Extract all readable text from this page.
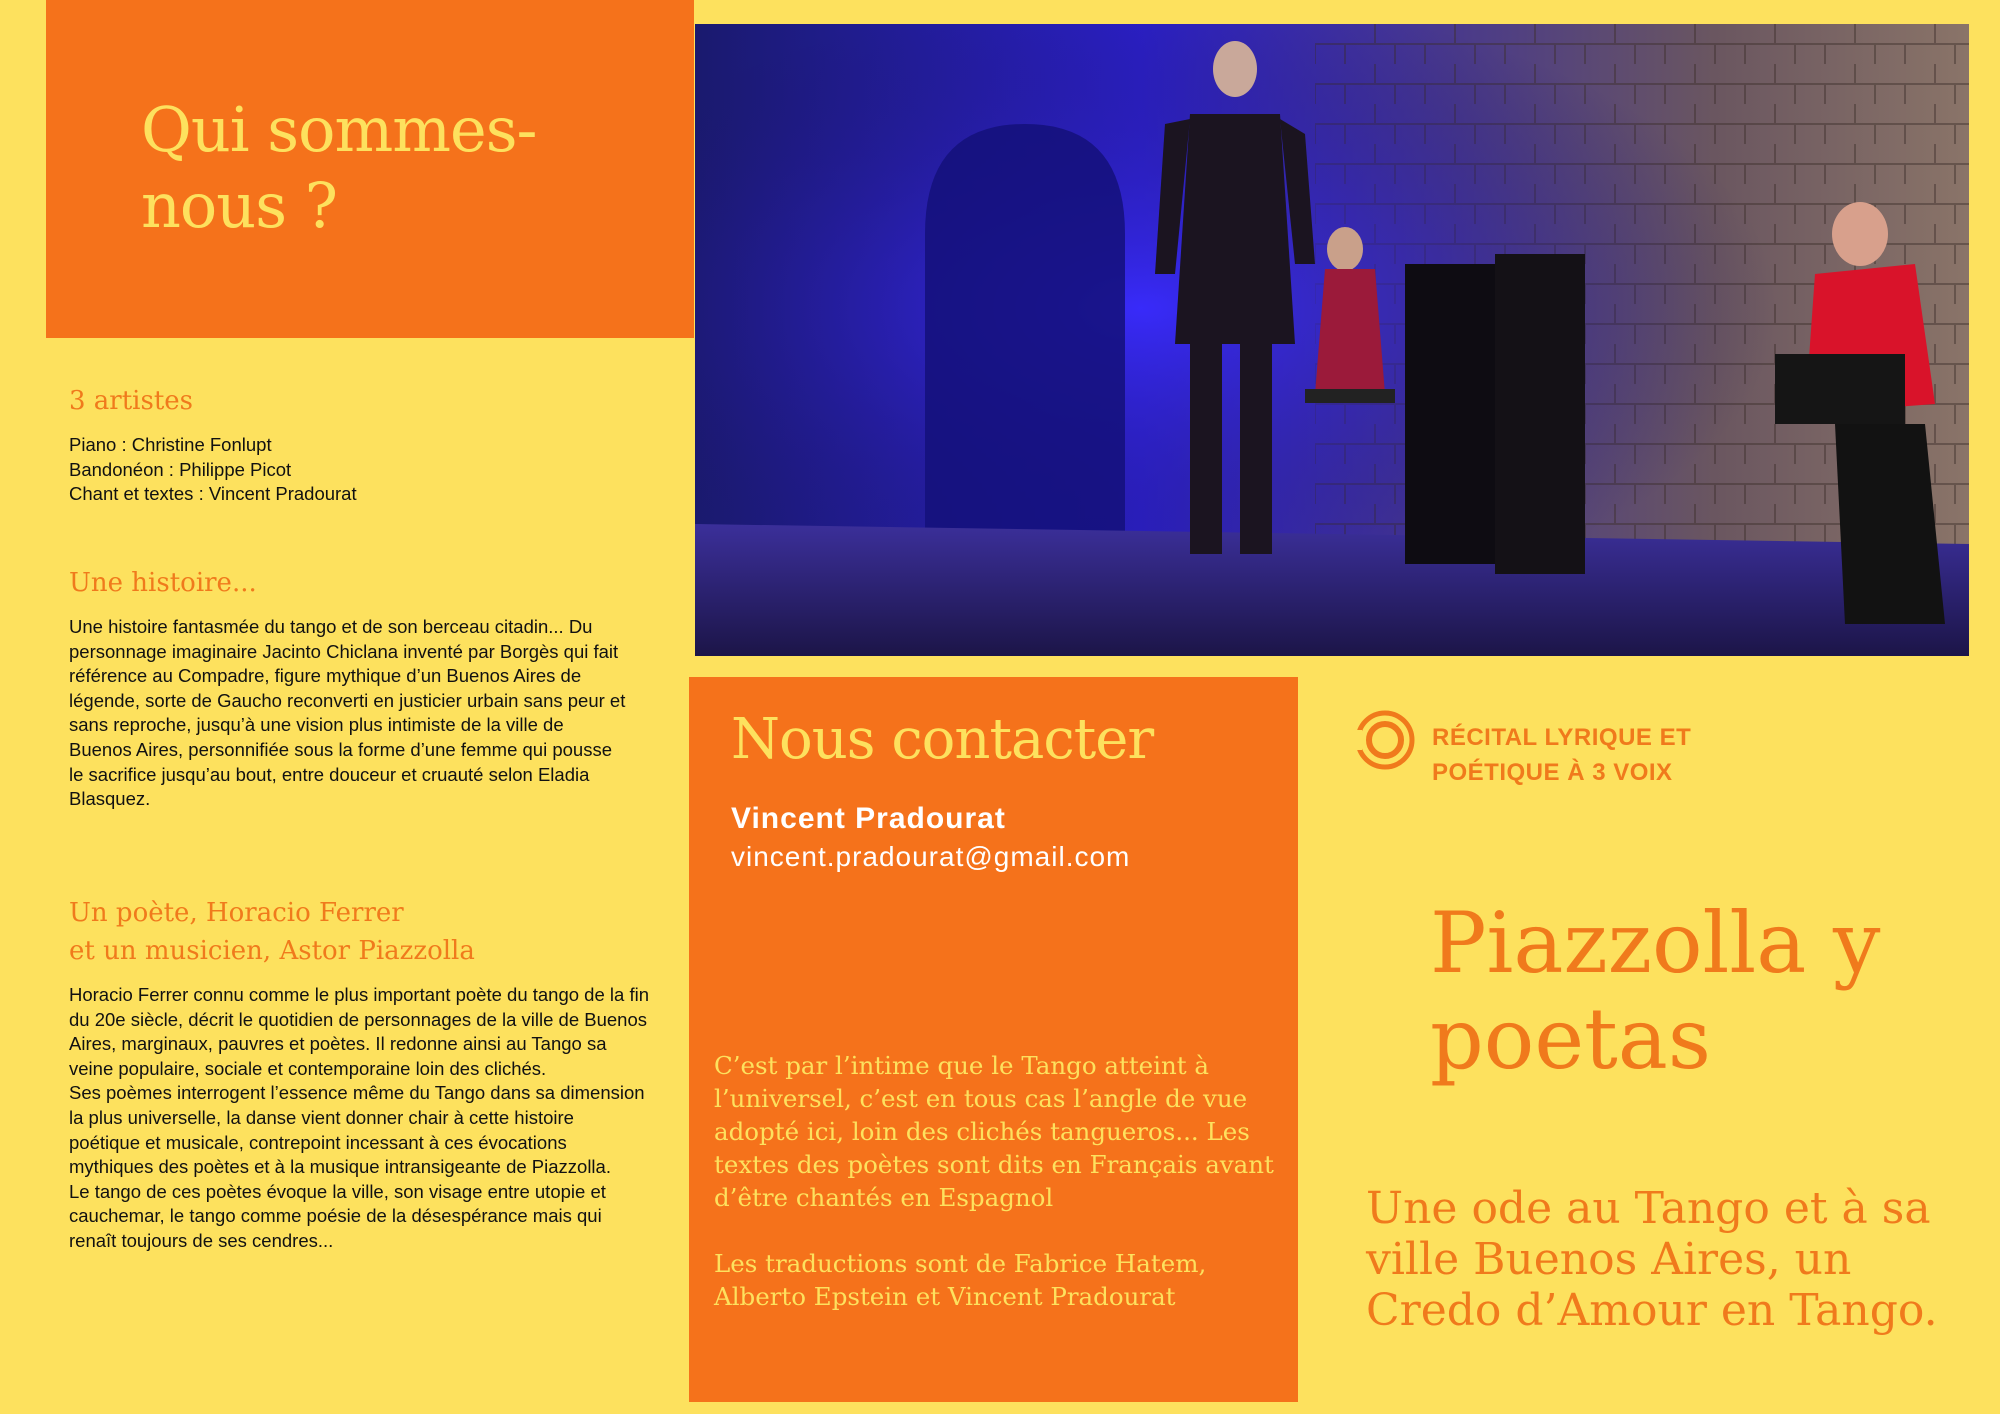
Qui sommes-nous ?
3 artistes

Piano : Christine Fonlupt

Bandonéon : Philippe Picot

Chant et textes : Vincent Pradourat

Une histoire...
Une histoire fantasmée du tango et de son berceau citadin... Du personnage imaginaire Jacinto Chiclana inventé par Borgès qui fait référence au Compadre, figure mythique d’un Buenos Aires de légende, sorte de Gaucho reconverti en justicier urbain sans peur et sans reproche, jusqu’à une vision plus intimiste de la ville de Buenos Aires, personnifiée sous la forme d’une femme qui pousse le sacrifice jusqu’au bout, entre douceur et cruauté selon Eladia Blasquez.
Un poète, Horacio Ferrer
et un musicien, Astor Piazzolla

Horacio Ferrer connu comme le plus important poète du tango de la fin du 20e siècle, décrit le quotidien de personnages de la ville de Buenos Aires, marginaux, pauvres et poètes. Il redonne ainsi au Tango sa veine populaire, sociale et contemporaine loin des clichés.

Ses poèmes interrogent l’essence même du Tango dans sa dimension la plus universelle, la danse vient donner chair à cette histoire poétique et musicale, contrepoint incessant à ces évocations mythiques des poètes et à la musique intransigeante de Piazzolla.

Le tango de ces poètes évoque la ville, son visage entre utopie et cauchemar, le tango comme poésie de la désespérance mais qui renaît toujours de ses cendres...

Nous contacter
Vincent Pradourat
vincent.pradourat@gmail.com

C’est par l’intime que le Tango atteint à l’universel, c’est en tous cas l’angle de vue adopté ici, loin des clichés tangueros... Les textes des poètes sont dits en Français avant d’être chantés en Espagnol

Les traductions sont de Fabrice Hatem, Alberto Epstein et Vincent Pradourat

RÉCITAL LYRIQUE ET
POÉTIQUE À 3 VOIX
Piazzolla y poetas
Une ode au Tango et à sa
ville Buenos Aires, un
Credo d’Amour en Tango.
